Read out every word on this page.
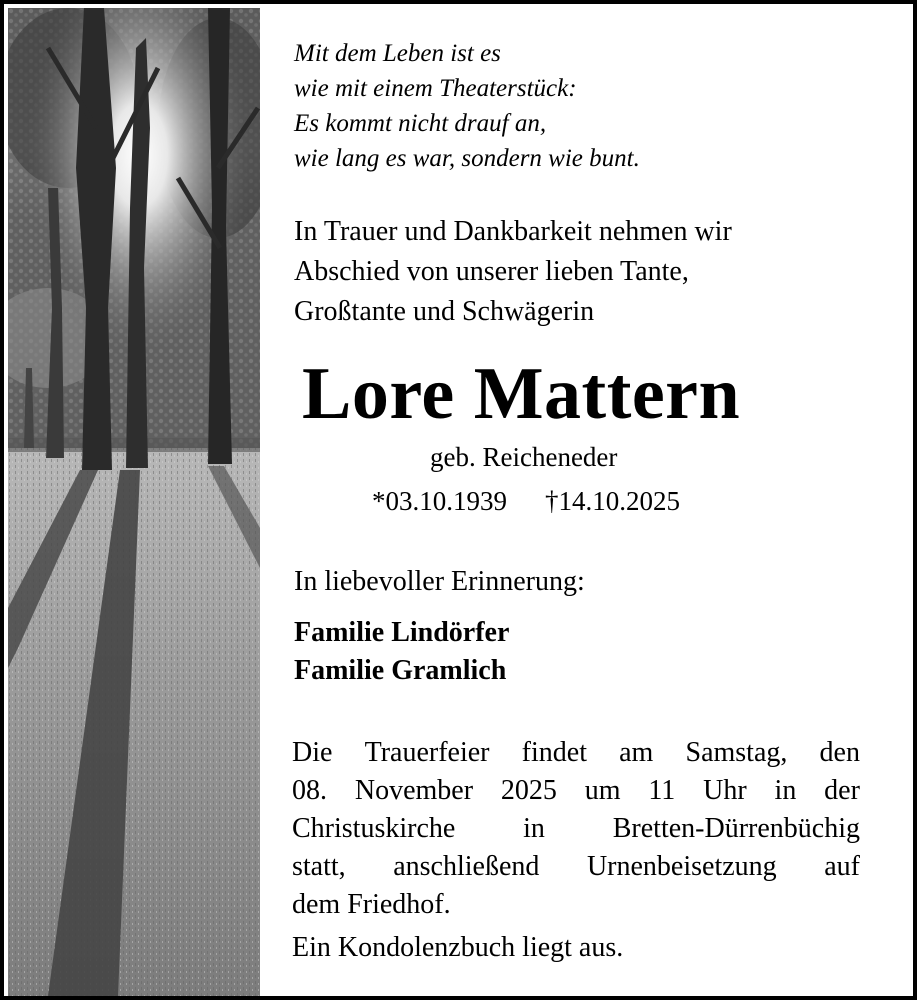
Mit dem Leben ist es
wie mit einem Theaterstück:
Es kommt nicht drauf an,
wie lang es war, sondern wie bunt.
In Trauer und Dankbarkeit nehmen wir
Abschied von unserer lieben Tante,
Großtante und Schwägerin
Lore Mattern
geb. Reicheneder
*03.10.1939 †14.10.2025
In liebevoller Erinnerung:
Familie Lindörfer
Familie Gramlich
Die Trauerfeier findet am Samstag, den
08. November 2025 um 11 Uhr in der
Christuskirche in Bretten-Dürrenbüchig
statt, anschließend Urnenbeisetzung auf
dem Friedhof.
Ein Kondolenzbuch liegt aus.
